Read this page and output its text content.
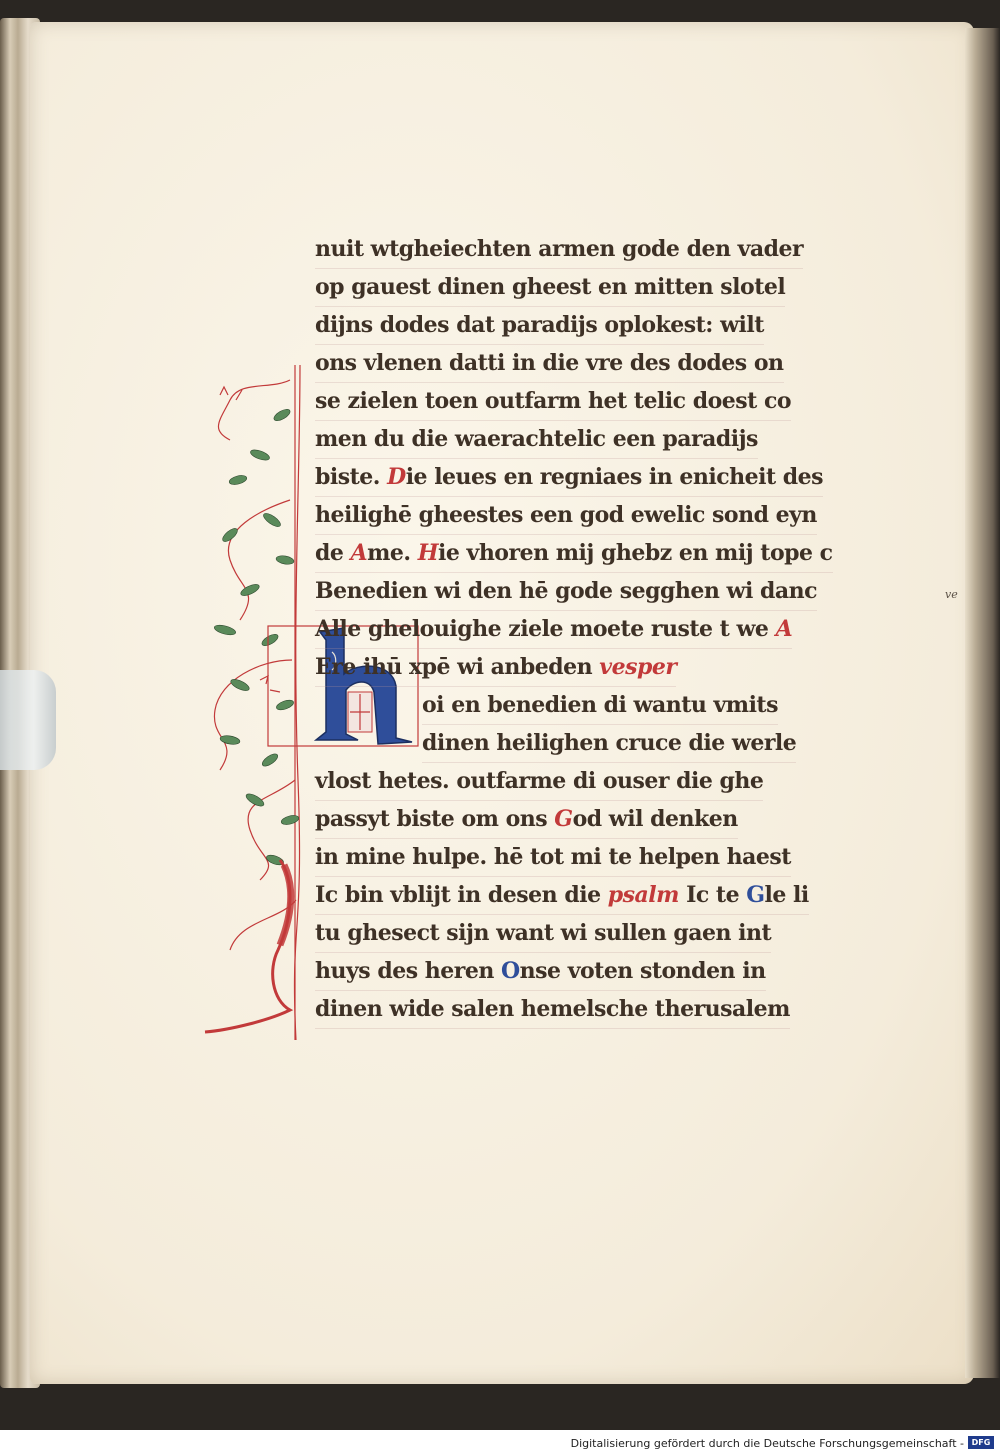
ve
nuit wtgheiechten armen gode den vader
op gauest dinen gheest en mitten slotel
dijns dodes dat paradijs oplokest: wilt
ons vlenen datti in die vre des dodes on
se zielen toen outfarm het telic doest co
men du die waerachtelic een paradijs
biste. Die leues en regniaes in enicheit des
heilighē gheestes een god ewelic sond eyn
de Ame. Hie vhoren mij ghebz en mij tope c
Benedien wi den hē gode segghen wi danc
Alle ghelouighe ziele moete ruste t we A
Ere ihū xpē wi anbeden vesper
oi en benedien di wantu vmits
dinen heilighen cruce die werle
vlost hetes. outfarme di ouser die ghe
passyt biste om ons God wil denken
in mine hulpe. hē tot mi te helpen haest
Ic bin vblijt in desen die psalm Ic te Gle li
tu ghesect sijn want wi sullen gaen int
huys des heren Onse voten stonden in
dinen wide salen hemelsche therusalem
Digitalisierung gefördert durch die Deutsche Forschungsgemeinschaft - DFG
